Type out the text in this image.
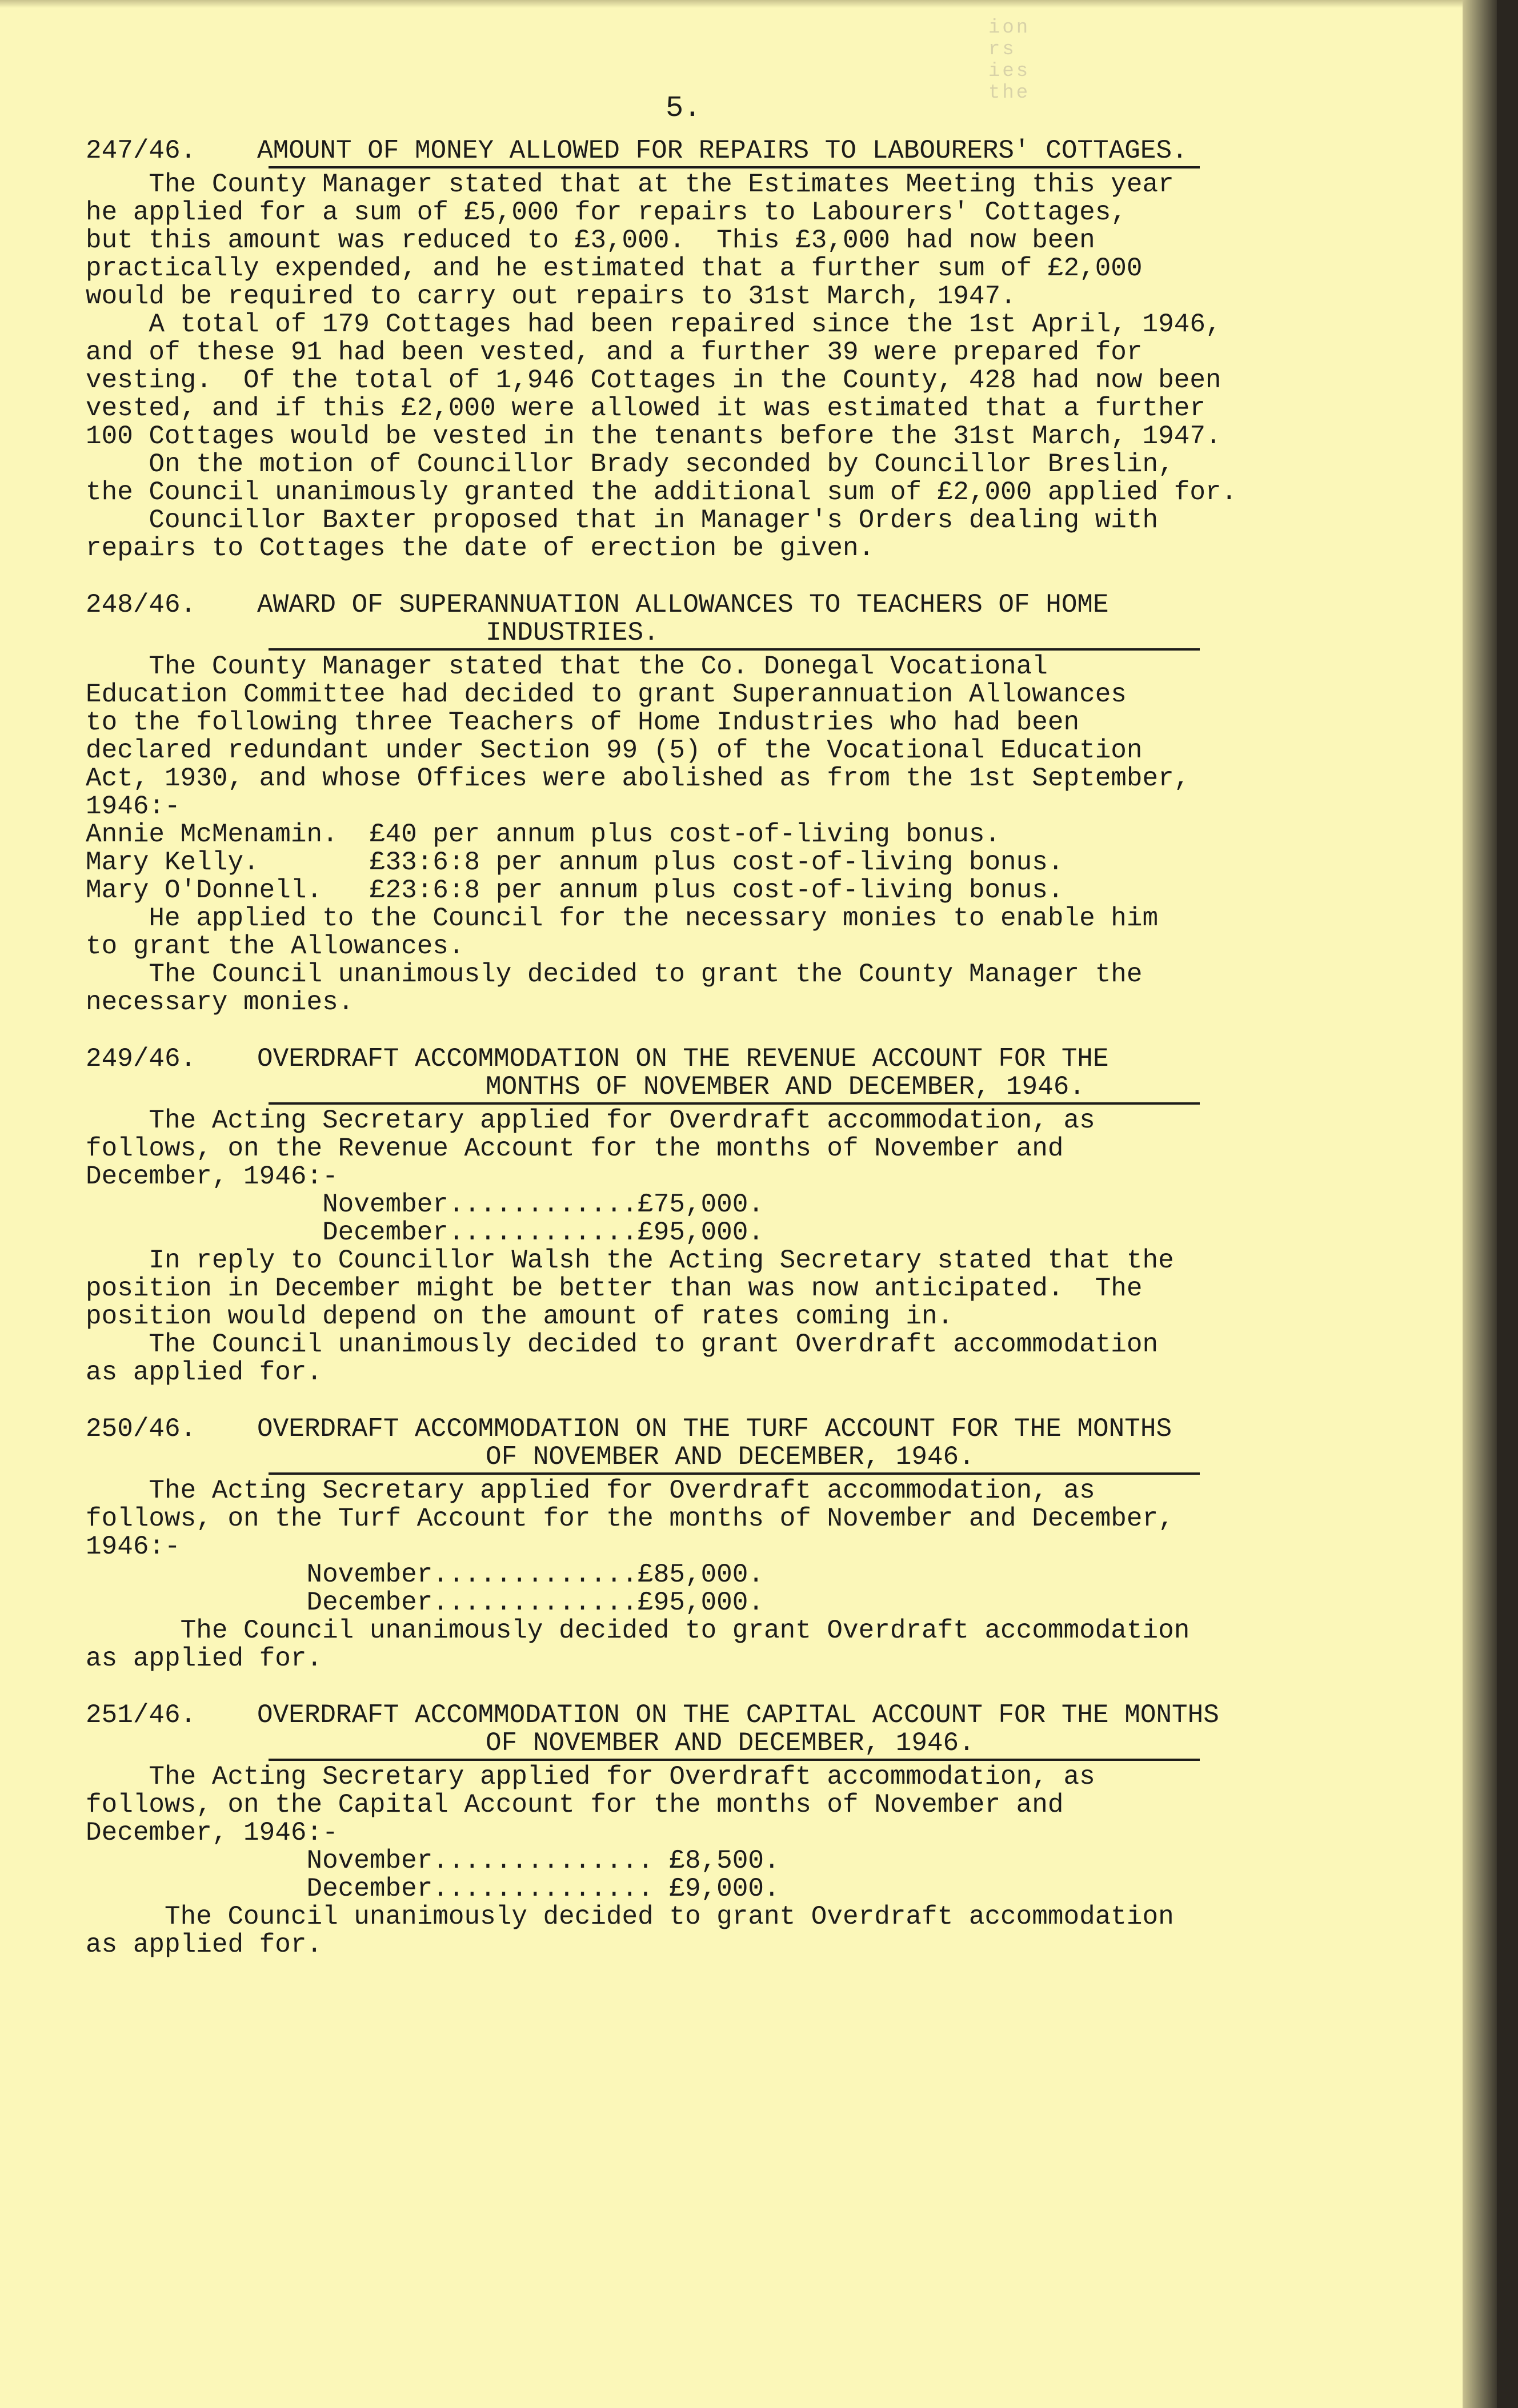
ion
rs
ies
the
5.
247/46. AMOUNT OF MONEY ALLOWED FOR REPAIRS TO LABOURERS' COTTAGES.
The County Manager stated that at the Estimates Meeting this year
he applied for a sum of £5,000 for repairs to Labourers' Cottages,
but this amount was reduced to £3,000.  This £3,000 had now been
practically expended, and he estimated that a further sum of £2,000
would be required to carry out repairs to 31st March, 1947.
A total of 179 Cottages had been repaired since the 1st April, 1946,
and of these 91 had been vested, and a further 39 were prepared for
vesting.  Of the total of 1,946 Cottages in the County, 428 had now been
vested, and if this £2,000 were allowed it was estimated that a further
100 Cottages would be vested in the tenants before the 31st March, 1947.
On the motion of Councillor Brady seconded by Councillor Breslin,
the Council unanimously granted the additional sum of £2,000 applied for.
Councillor Baxter proposed that in Manager's Orders dealing with
repairs to Cottages the date of erection be given.
248/46. AWARD OF SUPERANNUATION ALLOWANCES TO TEACHERS OF HOME
INDUSTRIES.
The County Manager stated that the Co. Donegal Vocational
Education Committee had decided to grant Superannuation Allowances
to the following three Teachers of Home Industries who had been
declared redundant under Section 99 (5) of the Vocational Education
Act, 1930, and whose Offices were abolished as from the 1st September,
1946:-
Annie McMenamin.  £40 per annum plus cost-of-living bonus.
Mary Kelly.       £33:6:8 per annum plus cost-of-living bonus.
Mary O'Donnell.   £23:6:8 per annum plus cost-of-living bonus.
He applied to the Council for the necessary monies to enable him
to grant the Allowances.
The Council unanimously decided to grant the County Manager the
necessary monies.
249/46. OVERDRAFT ACCOMMODATION ON THE REVENUE ACCOUNT FOR THE
MONTHS OF NOVEMBER AND DECEMBER, 1946.
The Acting Secretary applied for Overdraft accommodation, as
follows, on the Revenue Account for the months of November and
December, 1946:-
November............£75,000.
December............£95,000.
In reply to Councillor Walsh the Acting Secretary stated that the
position in December might be better than was now anticipated.  The
position would depend on the amount of rates coming in.
The Council unanimously decided to grant Overdraft accommodation
as applied for.
250/46. OVERDRAFT ACCOMMODATION ON THE TURF ACCOUNT FOR THE MONTHS
OF NOVEMBER AND DECEMBER, 1946.
The Acting Secretary applied for Overdraft accommodation, as
follows, on the Turf Account for the months of November and December,
1946:-
November.............£85,000.
December.............£95,000.
The Council unanimously decided to grant Overdraft accommodation
as applied for.
251/46. OVERDRAFT ACCOMMODATION ON THE CAPITAL ACCOUNT FOR THE MONTHS
OF NOVEMBER AND DECEMBER, 1946.
The Acting Secretary applied for Overdraft accommodation, as
follows, on the Capital Account for the months of November and
December, 1946:-
November.............. £8,500.
December.............. £9,000.
The Council unanimously decided to grant Overdraft accommodation
as applied for.
